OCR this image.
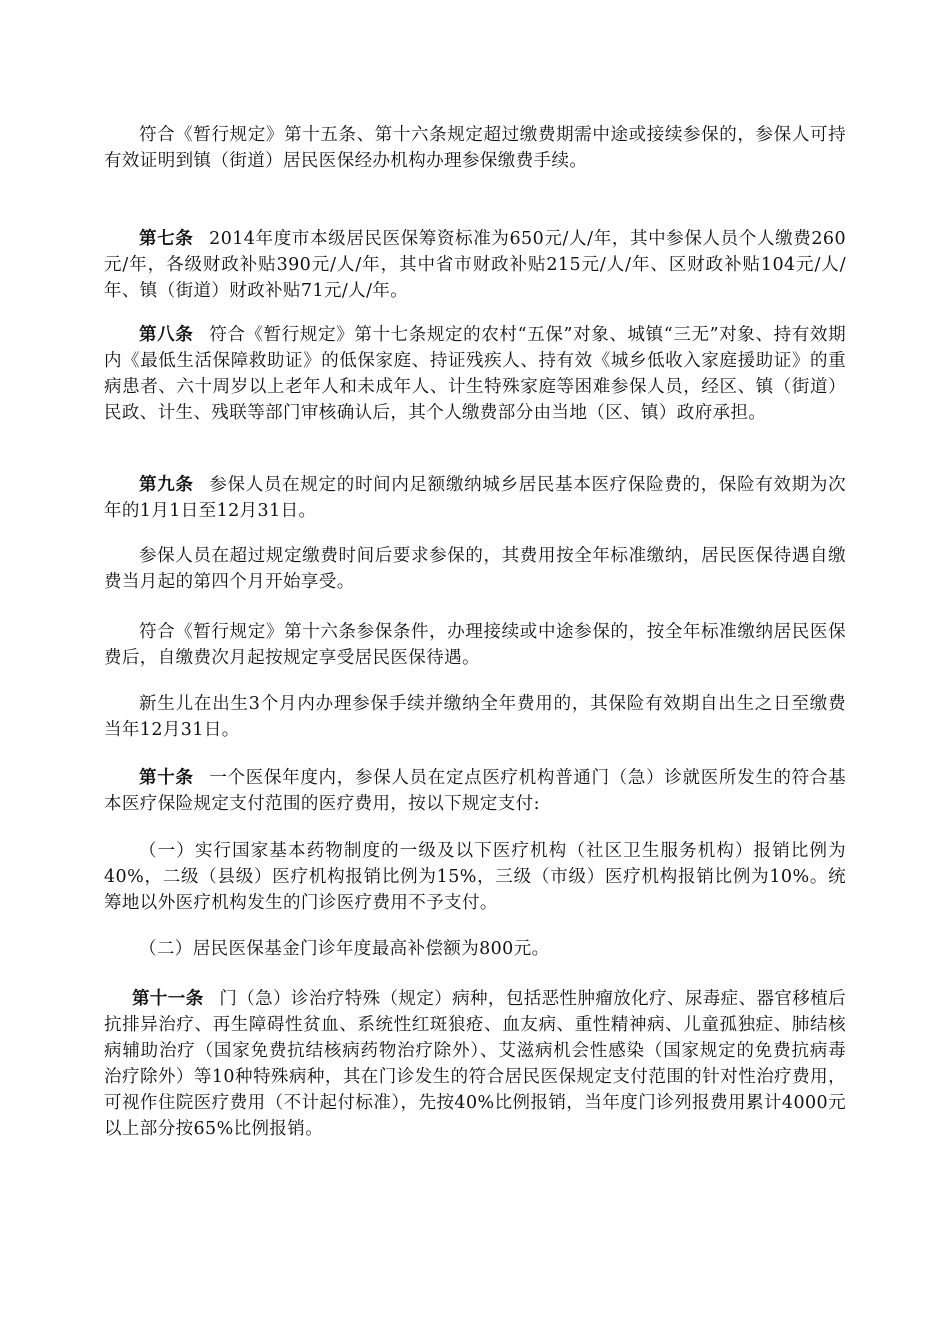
符合《暂行规定》第十五条、第十六条规定超过缴费期需中途或接续参保的，参保人可持有效证明到镇（街道）居民医保经办机构办理参保缴费手续。

第七条 2014年度市本级居民医保筹资标准为650元/人/年，其中参保人员个人缴费260元/年，各级财政补贴390元/人/年，其中省市财政补贴215元/人/年、区财政补贴104元/人/年、镇（街道）财政补贴71元/人/年。

第八条 符合《暂行规定》第十七条规定的农村“五保”对象、城镇“三无”对象、持有效期内《最低生活保障救助证》的低保家庭、持证残疾人、持有效《城乡低收入家庭援助证》的重病患者、六十周岁以上老年人和未成年人、计生特殊家庭等困难参保人员，经区、镇（街道）民政、计生、残联等部门审核确认后，其个人缴费部分由当地（区、镇）政府承担。

第九条 参保人员在规定的时间内足额缴纳城乡居民基本医疗保险费的，保险有效期为次年的1月1日至12月31日。

参保人员在超过规定缴费时间后要求参保的，其费用按全年标准缴纳，居民医保待遇自缴费当月起的第四个月开始享受。

符合《暂行规定》第十六条参保条件，办理接续或中途参保的，按全年标准缴纳居民医保费后，自缴费次月起按规定享受居民医保待遇。

新生儿在出生3个月内办理参保手续并缴纳全年费用的，其保险有效期自出生之日至缴费当年12月31日。

第十条 一个医保年度内，参保人员在定点医疗机构普通门（急）诊就医所发生的符合基本医疗保险规定支付范围的医疗费用，按以下规定支付:

（一）实行国家基本药物制度的一级及以下医疗机构（社区卫生服务机构）报销比例为40%，二级（县级）医疗机构报销比例为15%，三级（市级）医疗机构报销比例为10%。统筹地以外医疗机构发生的门诊医疗费用不予支付。

（二）居民医保基金门诊年度最高补偿额为800元。

第十一条 门（急）诊治疗特殊（规定）病种，包括恶性肿瘤放化疗、尿毒症、器官移植后抗排异治疗、再生障碍性贫血、系统性红斑狼疮、血友病、重性精神病、儿童孤独症、肺结核病辅助治疗（国家免费抗结核病药物治疗除外）、艾滋病机会性感染（国家规定的免费抗病毒治疗除外）等10种特殊病种，其在门诊发生的符合居民医保规定支付范围的针对性治疗费用，可视作住院医疗费用（不计起付标准），先按40%比例报销，当年度门诊列报费用累计4000元以上部分按65%比例报销。
